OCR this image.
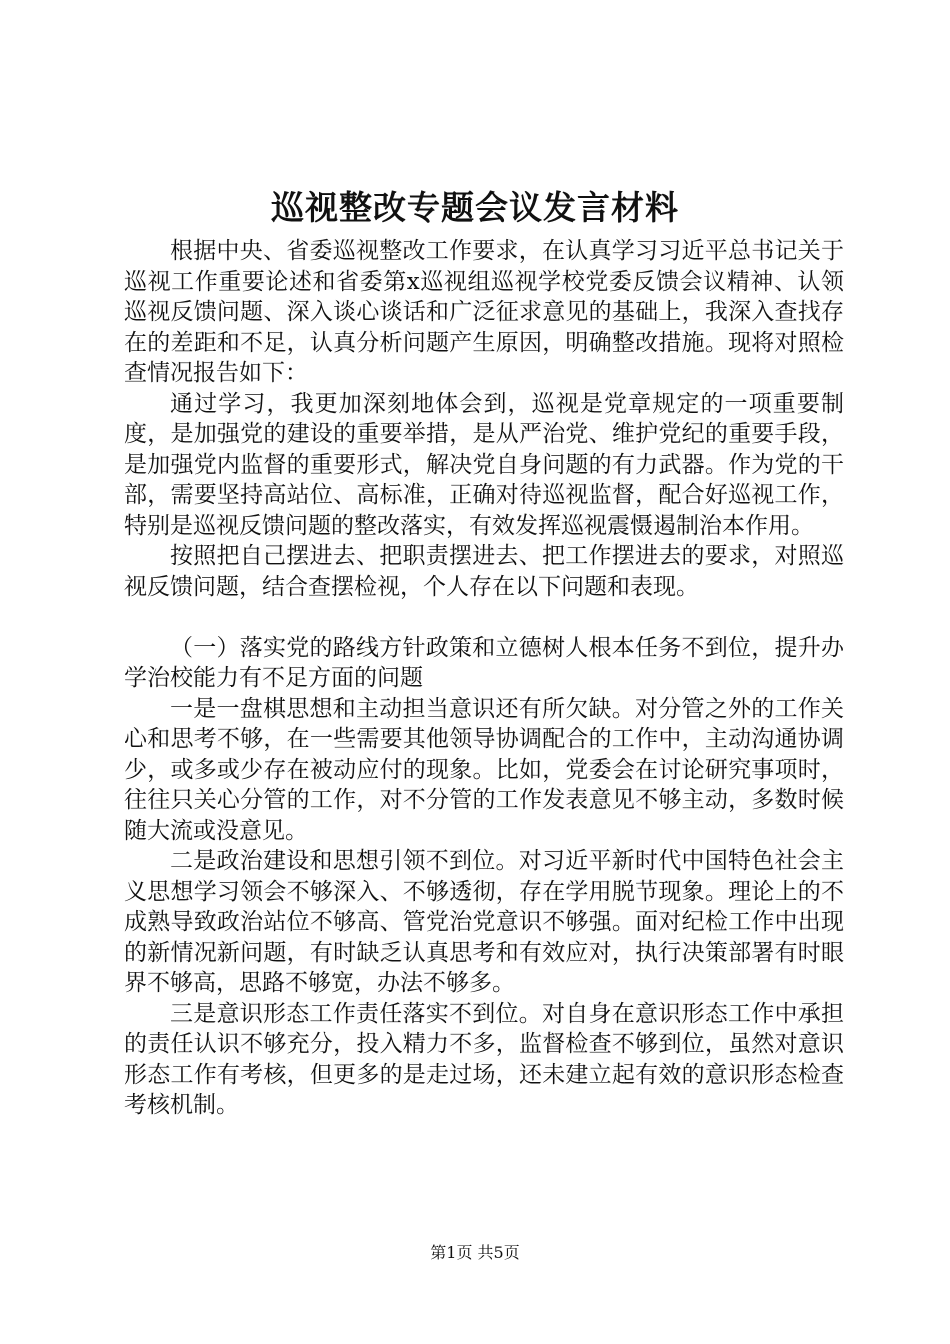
巡视整改专题会议发言材料

根据中央、省委巡视整改工作要求，在认真学习习近平总书记关于巡视工作重要论述和省委第x巡视组巡视学校党委反馈会议精神、认领巡视反馈问题、深入谈心谈话和广泛征求意见的基础上，我深入查找存在的差距和不足，认真分析问题产生原因，明确整改措施。现将对照检查情况报告如下：

通过学习，我更加深刻地体会到，巡视是党章规定的一项重要制度，是加强党的建设的重要举措，是从严治党、维护党纪的重要手段，是加强党内监督的重要形式，解决党自身问题的有力武器。作为党的干部，需要坚持高站位、高标准，正确对待巡视监督，配合好巡视工作，特别是巡视反馈问题的整改落实，有效发挥巡视震慑遏制治本作用。

按照把自己摆进去、把职责摆进去、把工作摆进去的要求，对照巡视反馈问题，结合查摆检视，个人存在以下问题和表现。

（一）落实党的路线方针政策和立德树人根本任务不到位，提升办学治校能力有不足方面的问题

一是一盘棋思想和主动担当意识还有所欠缺。对分管之外的工作关心和思考不够，在一些需要其他领导协调配合的工作中，主动沟通协调少，或多或少存在被动应付的现象。比如，党委会在讨论研究事项时，往往只关心分管的工作，对不分管的工作发表意见不够主动，多数时候随大流或没意见。

二是政治建设和思想引领不到位。对习近平新时代中国特色社会主义思想学习领会不够深入、不够透彻，存在学用脱节现象。理论上的不成熟导致政治站位不够高、管党治党意识不够强。面对纪检工作中出现的新情况新问题，有时缺乏认真思考和有效应对，执行决策部署有时眼界不够高，思路不够宽，办法不够多。

三是意识形态工作责任落实不到位。对自身在意识形态工作中承担的责任认识不够充分，投入精力不多，监督检查不够到位，虽然对意识形态工作有考核，但更多的是走过场，还未建立起有效的意识形态检查考核机制。

第1页 共5页
